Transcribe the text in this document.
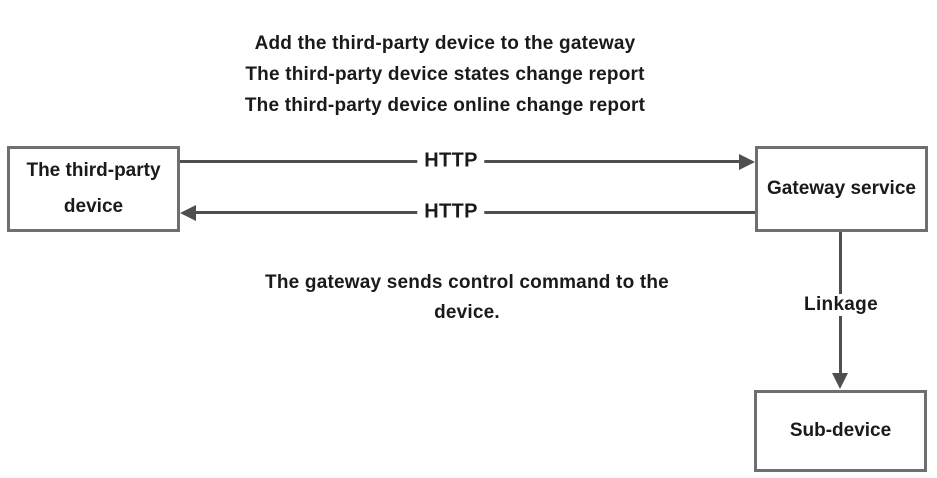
Add the third-party device to the gateway
The third-party device states change report
The third-party device online change report
The third-party
device
Gateway service
HTTP
HTTP
The gateway sends control command to the
device.	Linkage
Sub-device
